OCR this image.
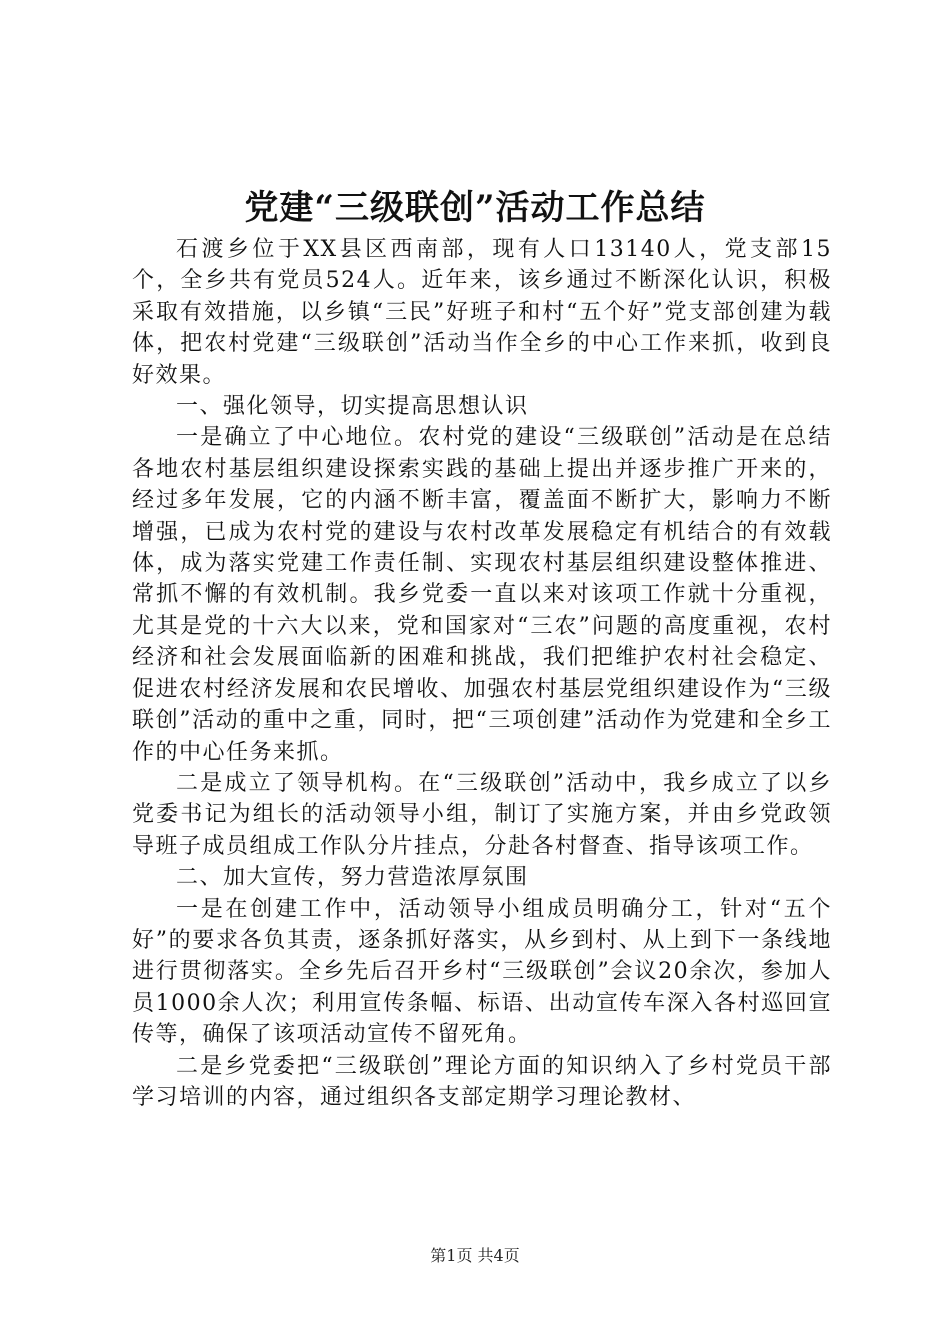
党建“三级联创”活动工作总结

石渡乡位于XX县区西南部，现有人口13140人，党支部15个，全乡共有党员524人。近年来，该乡通过不断深化认识，积极采取有效措施，以乡镇“三民”好班子和村“五个好”党支部创建为载体，把农村党建“三级联创”活动当作全乡的中心工作来抓，收到良好效果。

一、强化领导，切实提高思想认识

一是确立了中心地位。农村党的建设“三级联创”活动是在总结各地农村基层组织建设探索实践的基础上提出并逐步推广开来的，经过多年发展，它的内涵不断丰富，覆盖面不断扩大，影响力不断增强，已成为农村党的建设与农村改革发展稳定有机结合的有效载体，成为落实党建工作责任制、实现农村基层组织建设整体推进、常抓不懈的有效机制。我乡党委一直以来对该项工作就十分重视，尤其是党的十六大以来，党和国家对“三农”问题的高度重视，农村经济和社会发展面临新的困难和挑战，我们把维护农村社会稳定、促进农村经济发展和农民增收、加强农村基层党组织建设作为“三级联创”活动的重中之重，同时，把“三项创建”活动作为党建和全乡工作的中心任务来抓。

二是成立了领导机构。在“三级联创”活动中，我乡成立了以乡党委书记为组长的活动领导小组，制订了实施方案，并由乡党政领导班子成员组成工作队分片挂点，分赴各村督查、指导该项工作。

二、加大宣传，努力营造浓厚氛围

一是在创建工作中，活动领导小组成员明确分工，针对“五个好”的要求各负其责，逐条抓好落实，从乡到村、从上到下一条线地进行贯彻落实。全乡先后召开乡村“三级联创”会议20余次，参加人员1000余人次；利用宣传条幅、标语、出动宣传车深入各村巡回宣传等，确保了该项活动宣传不留死角。

二是乡党委把“三级联创”理论方面的知识纳入了乡村党员干部学习培训的内容，通过组织各支部定期学习理论教材、

第1页 共4页
